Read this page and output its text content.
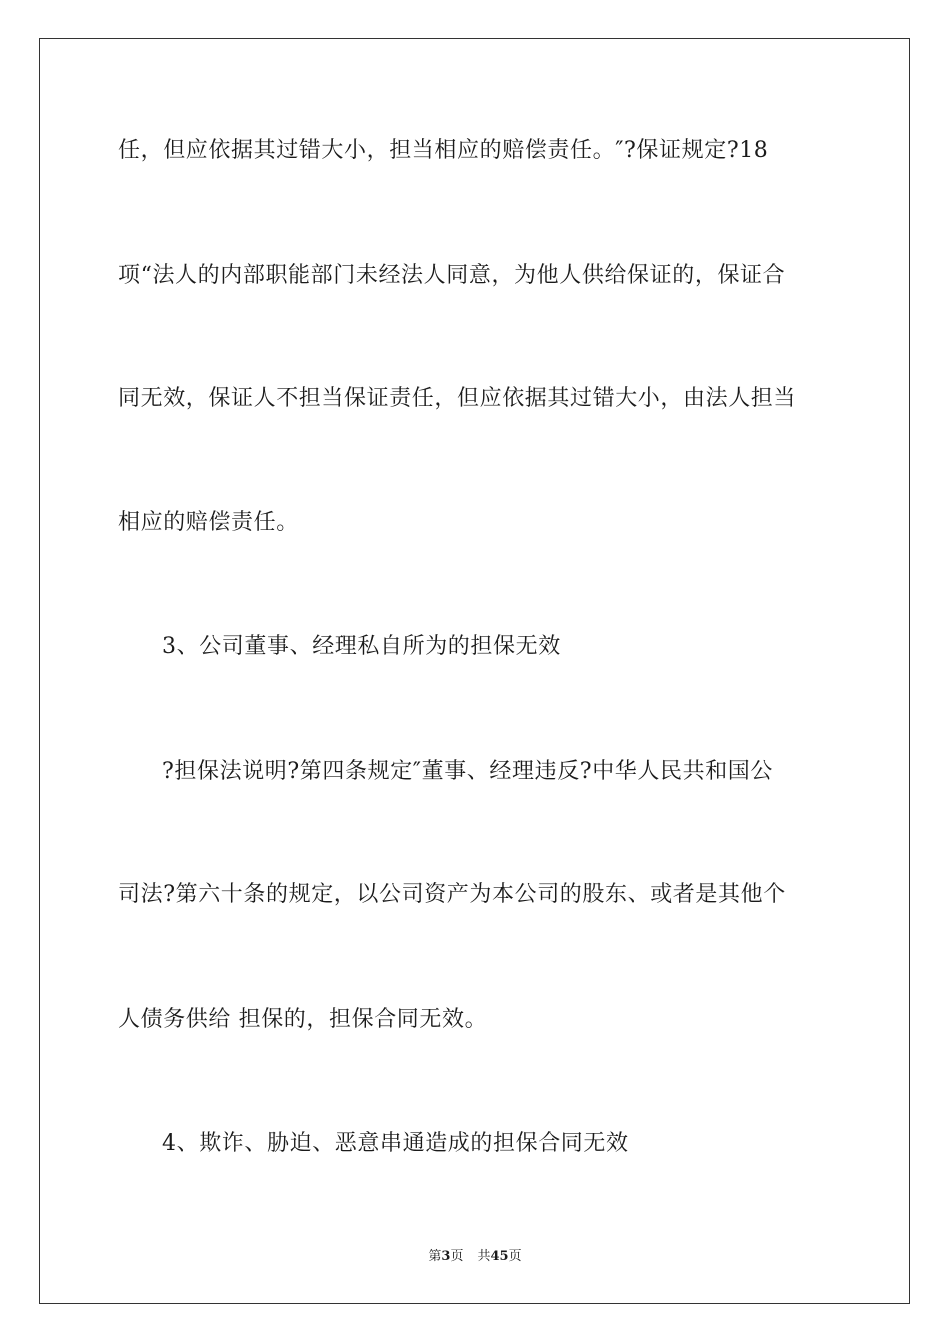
任，但应依据其过错大小，担当相应的赔偿责任。″?保证规定?18
项“法人的内部职能部门未经法人同意，为他人供给保证的，保证合
同无效，保证人不担当保证责任，但应依据其过错大小，由法人担当
相应的赔偿责任。
3、公司董事、经理私自所为的担保无效
?担保法说明?第四条规定″董事、经理违反?中华人民共和国公
司法?第六十条的规定，以公司资产为本公司的股东、或者是其他个
人债务供给 担保的，担保合同无效。
4、欺诈、胁迫、恶意串通造成的担保合同无效
第3页 共45页
